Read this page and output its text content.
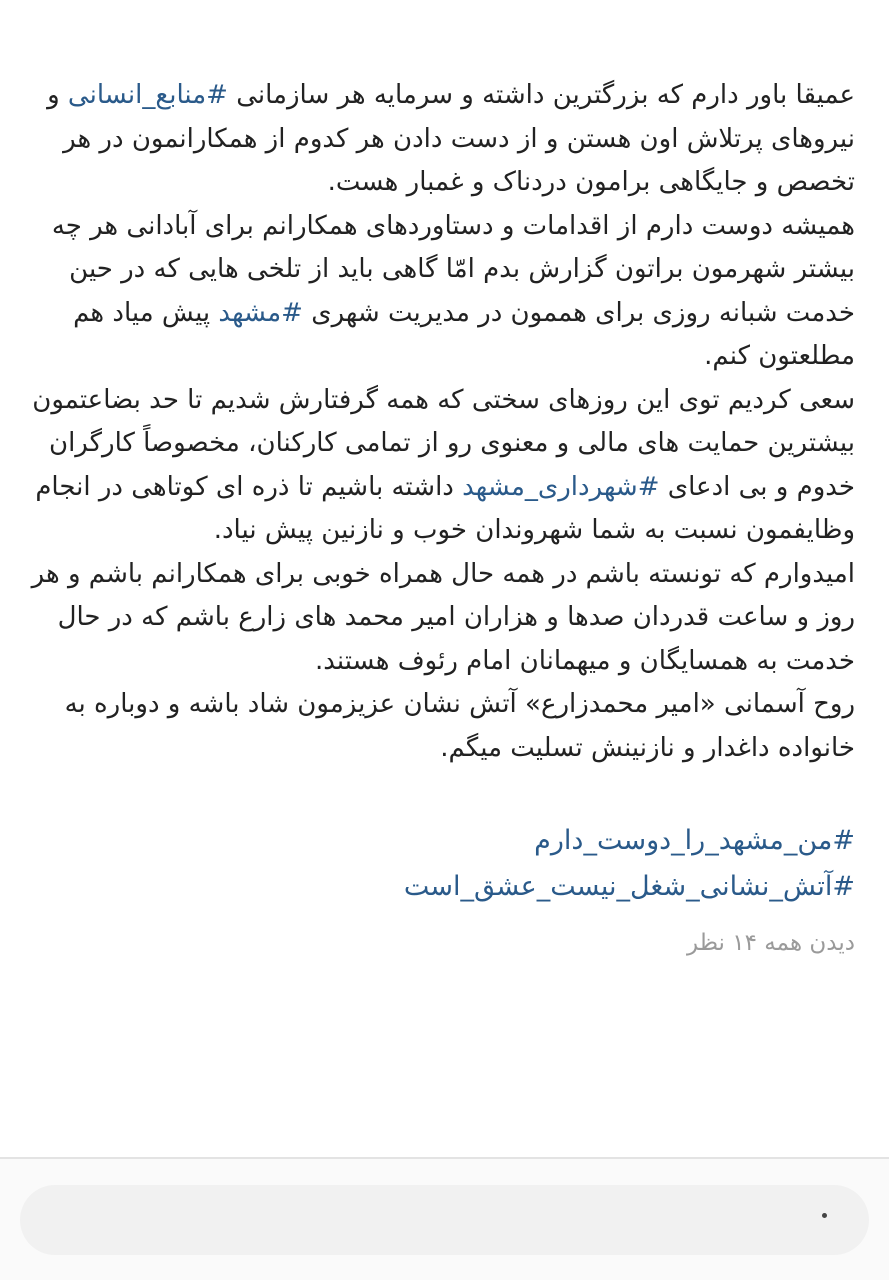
عمیقا باور دارم که بزرگترین داشته و سرمایه هر سازمانی #منابع_انسانی و نیروهای پرتلاش اون هستن و از دست دادن هر کدوم از همکارانمون در هر تخصص و جایگاهی برامون دردناک و غمبار هست.

همیشه دوست دارم از اقدامات و دستاوردهای همکارانم برای آبادانی هر چه بیشتر شهرمون براتون گزارش بدم امّا گاهی باید از تلخی هایی که در حین خدمت شبانه روزی برای هممون در مدیریت شهری #مشهد پیش میاد هم مطلعتون کنم.

سعی کردیم توی این روزهای سختی که همه گرفتارش شدیم تا حد بضاعتمون بیشترین حمایت های مالی و معنوی رو از تمامی کارکنان، مخصوصاً کارگران خدوم و بی ادعای #شهرداری_مشهد داشته باشیم تا ذره ای کوتاهی در انجام وظایفمون نسبت به شما شهروندان خوب و نازنین پیش نیاد.

امیدوارم که تونسته باشم در همه حال همراه خوبی برای همکارانم باشم و هر روز و ساعت قدردان صدها و هزاران امیر محمد های زارع باشم که در حال خدمت به همسایگان و میهمانان امام رئوف هستند.

روح آسمانی «امیر محمدزارع» آتش نشان عزیزمون شاد باشه و دوباره به خانواده داغدار و نازنینش تسلیت میگم.

#من_مشهد_را_دوست_دارم
#آتش_نشانی_شغل_نیست_عشق_است
دیدن همه ۱۴ نظر
